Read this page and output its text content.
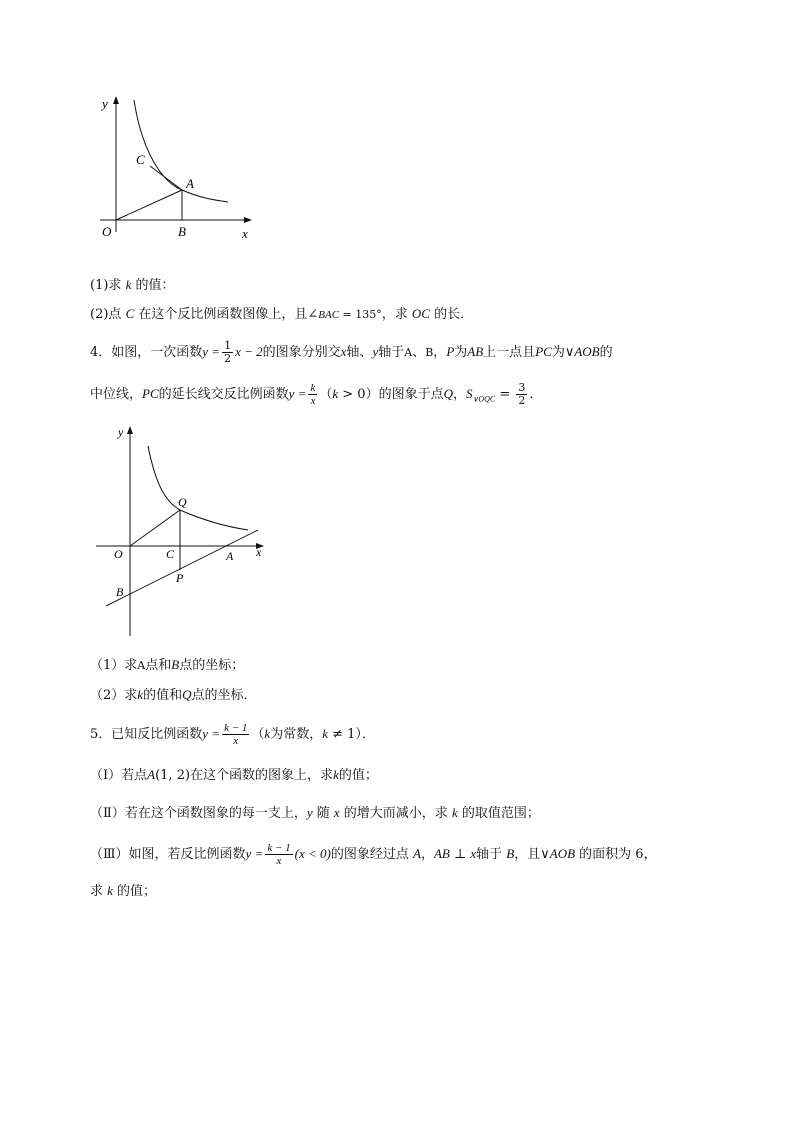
y
x
O	B
A
C
(1)求 k 的值：
(2)点 C 在这个反比例函数图像上，且∠BAC = 135°，求 OC 的长．
4．如图，一次函数$y = \frac{1}{2}$ x − 2的图象分别交x轴、y轴于A、B，P为AB上一点且PC为∨AOB的
中位线，PC的延长线交反比例函数$y = \frac{k}{x} (k > 0)$的图象于点Q，$S_{\vee OQC} = \frac{3}{2}$ ．
y
x
O	C	A
B
P
Q
（1）求A点和B点的坐标；
（2）求k的值和Q点的坐标．
5．已知反比例函数$y = \frac{k - 1}{x} (k$为常数，k ≠ 1）．
（Ⅰ）若点A(1, 2)在这个函数的图象上，求k的值；
（Ⅱ）若在这个函数图象的每一支上，y 随 x 的增大而减小，求 k 的取值范围；
（Ⅲ）如图，若反比例函数$y = \frac{k - 1}{x} (x < 0)$的图象经过点 A，AB ⊥ x轴于 B，且∨AOB 的面积为 6，
求 k 的值；
